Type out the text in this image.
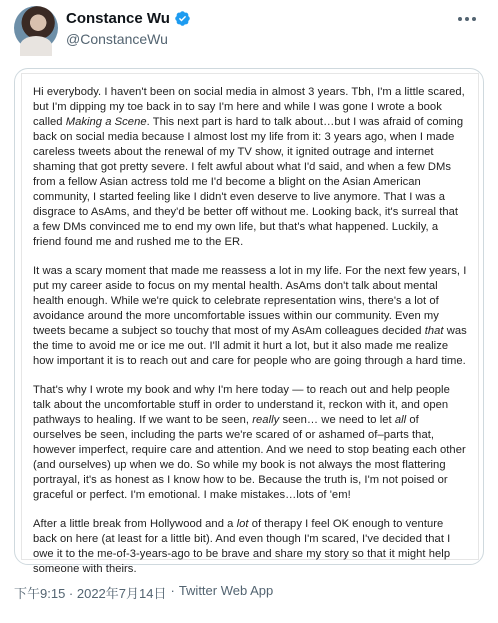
Constance Wu
@ConstanceWu

Hi everybody. I haven't been on social media in almost 3 years. Tbh, I'm a little scared, but I'm dipping my toe back in to say I'm here and while I was gone I wrote a book called Making a Scene. This next part is hard to talk about…but I was afraid of coming back on social media because I almost lost my life from it: 3 years ago, when I made careless tweets about the renewal of my TV show, it ignited outrage and internet shaming that got pretty severe. I felt awful about what I'd said, and when a few DMs from a fellow Asian actress told me I'd become a blight on the Asian American community, I started feeling like I didn't even deserve to live anymore. That I was a disgrace to AsAms, and they'd be better off without me. Looking back, it's surreal that a few DMs convinced me to end my own life, but that's what happened. Luckily, a friend found me and rushed me to the ER.

It was a scary moment that made me reassess a lot in my life. For the next few years, I put my career aside to focus on my mental health. AsAms don't talk about mental health enough. While we're quick to celebrate representation wins, there's a lot of avoidance around the more uncomfortable issues within our community. Even my tweets became a subject so touchy that most of my AsAm colleagues decided that was the time to avoid me or ice me out. I'll admit it hurt a lot, but it also made me realize how important it is to reach out and care for people who are going through a hard time.

That's why I wrote my book and why I'm here today — to reach out and help people talk about the uncomfortable stuff in order to understand it, reckon with it, and open pathways to healing. If we want to be seen, really seen… we need to let all of ourselves be seen, including the parts we're scared of or ashamed of–parts that, however imperfect, require care and attention. And we need to stop beating each other (and ourselves) up when we do. So while my book is not always the most flattering portrayal, it's as honest as I know how to be. Because the truth is, I'm not poised or graceful or perfect. I'm emotional. I make mistakes…lots of 'em!

After a little break from Hollywood and a lot of therapy I feel OK enough to venture back on here (at least for a little bit). And even though I'm scared, I've decided that I owe it to the me-of-3-years-ago to be brave and share my story so that it might help someone with theirs.

下午9:15 · 2022年7月14日 · Twitter Web App
